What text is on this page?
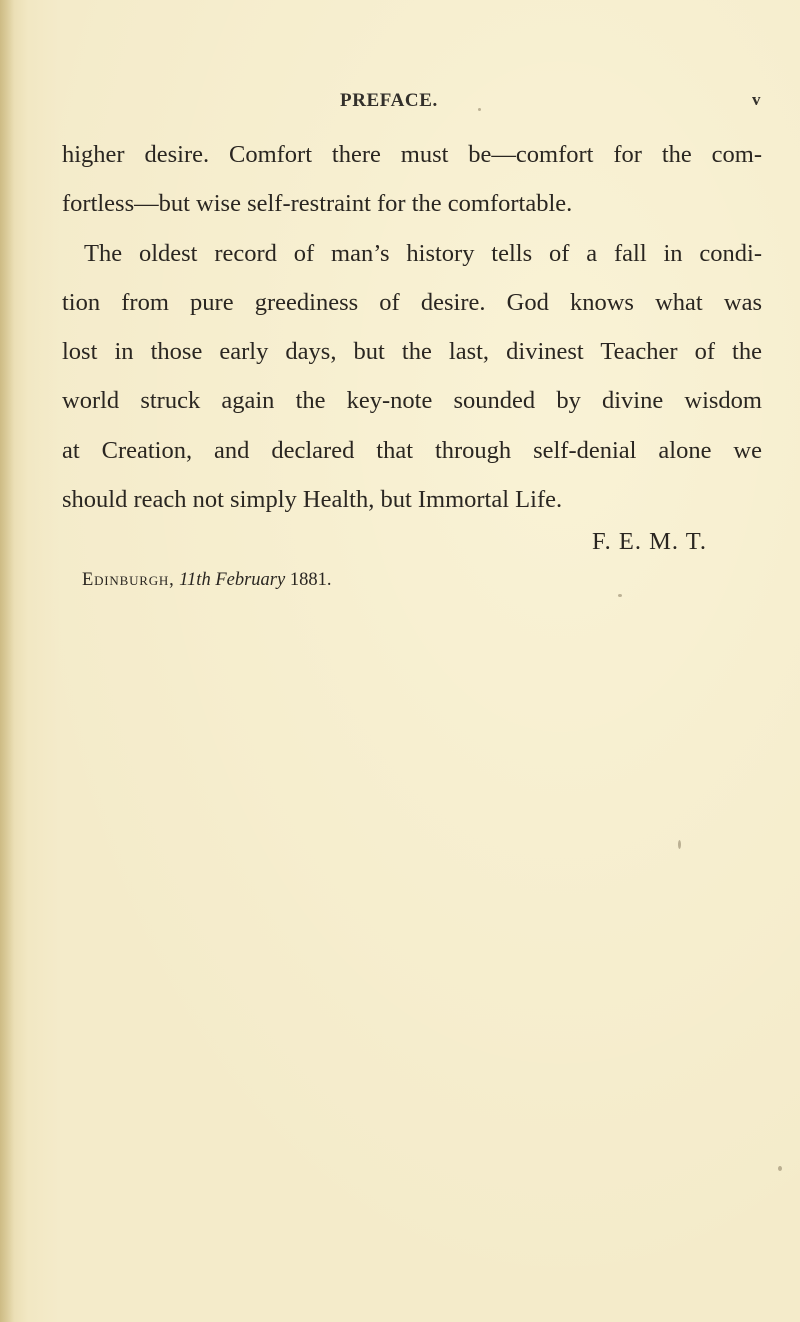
PREFACE.	v
higher desire. Comfort there must be—comfort for the com-
fortless—but wise self-restraint for the comfortable.
The oldest record of man’s history tells of a fall in condi-
tion from pure greediness of desire. God knows what was
lost in those early days, but the last, divinest Teacher of the
world struck again the key-note sounded by divine wisdom
at Creation, and declared that through self-denial alone we
should reach not simply Health, but Immortal Life.
F. E. M. T.
Edinburgh, 11th February 1881.
